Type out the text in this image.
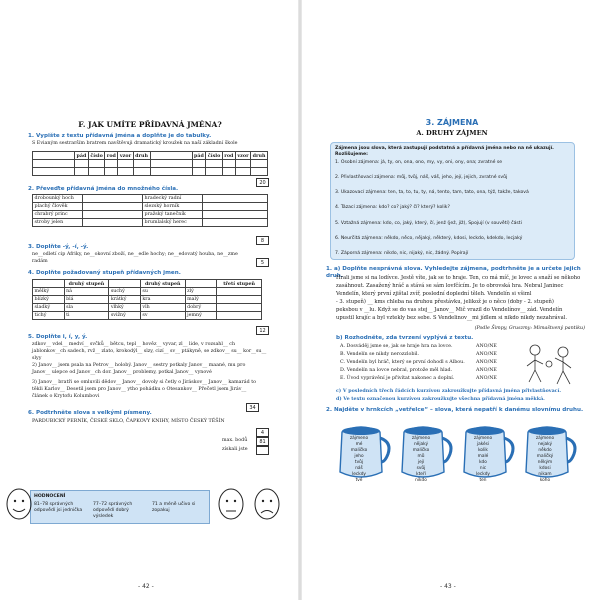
F. JAK UMÍTE PŘÍDAVNÁ JMÉNA?
1. Vypište z textu přídavná jména a doplňte je do tabulky.
S Evianým sestrarším bratrem navštěvuji dramatický kroužek na naší základní škole
	pád	číslo	rod	vzor	druh		pád	číslo	rod	vzor	druh

20
2. Převeďte přídavná jména do množného čísla.
drobounký hoch		hradecký radní	
plachý člověk		slezský horník	
chrabrý princ		pražský tanečník	
stroby jelen		brumlalský herec	
8
3. Doplňte -ý, -í, -ý.
ne__odletí cip Afriky, ne__okovní zboží, ne__edle hochy; ne__edovatý houba, ne__zme radám	5
4. Doplňte požadovaný stupeň přídavných jmen.
	druhý stupeň		druhý stupeň		třetí stupeň
mělký	ná	suchý	su	zlý	
blízký	blá	krátký	kra	malý	
sladký	sla	vlhký	vlh	dobrý	
tichý	ti	svižný	sv	jemný	
12
5. Doplňte i, í, y, ý.
zdkov__ vdel__ medví__ svčků__ bětcu, tepl__ hověz__ vyvar, zl__ lide, v rozsahl__ ch
jablonkov__ch sadech, rvž__ zlato, krokodýl__ slzy, cizí__ sv__ ptákyně, se zdkov__ su__ kor__su__ slyy
2) Janov__ jsem psala na Petrov__ holobý. Janov__ sestry potkaly Janov__ maané, mu pro
Janov__ ulepce od Janov__ch dor. Janov__ problemy, potkal Janov__ vynové
3) Janov__ bratři se omluvili dědov__ Janov__ dovoly si četly o Jiráskov__ Janov__ kamarád to
těkli Karlov__ Desetil jsem pro Janov__ ytho pohádku o Otesankov__ Přečetl jsem Jiráv__
článek o Krytofu Kolumbovi
34
6. Podtrhněte slova s velkými písmeny.
PARDUBICKÝ PERNÍK, ČESKÉ SKLO, ČAPKOVY KNIHY, MÍSTO ČESKÝ TĚŠÍN
4
max. bodů	81
získali jste
HODNOCENÍ
81–78 správných odpovědí jsi jednička
77–72 správných odpovědí dobrý výsledek
71 a méně učivo si zopakuj
- 42 -
3. ZÁJMENA
A. DRUHY ZÁJMEN
Zájmena jsou slova, která zastupují podstatná a přídavná jména nebo na ně ukazují. Rozlišujeme:
1. Osobní zájmena: já, ty, on, ona, ono, my, vy, oni, ony, ona; zvratné se
2. Přivlastňovací zájmena: můj, tvůj, náš, váš, jeho, její, jejich, zvratné svůj
3. Ukazovací zájmena: ten, ta, to, tu, ty, ná, tento, tam, tato, ona, týž, takže, taková
4. Tázací zájmena: kdo? co? jaký? čí? který? kolik?
5. Vztažná zájmena: kdo, co, jaký, který, čí, jenž (jež, jíž), Spojují (v souvětí) části
6. Neurčitá zájmena: někdo, něco, nějaký, některý, kdosi, leckdo, kdekdo, lecjaký
7. Záporná zájmena: nikdo, nic, nijaký, nic, žádný. Popírají
1. a) Doplňte nesprávná slova. Vyhledejte zájmena, podtrhněte je a určete jejich druh.
Hrali jsme si na lodívce. Jestě víte, jak se to hraje. Ten, co má míč, je lovec a snaží se někoho
zasáhnout. Zasažený hráč a stává se sám lovfčícím. Je to obrovská hra. Nebral Janinec
Vendelín, který první zjištal zvíř, poslední doplední těleh. Vendelín si všiml
- 3. stupeň) __ kms chleba na druhou přestávku, jelikož je o něco (doby - 2. stupeň)
peksbou v __lu. Když se do vas stej__ Janov__ Mič vrazil do Vendelínov__ zád. Vendelín
upustil krajíc a byl vztekly bez sebe. S Vendelinov__mi jídlem si nikdo nikdy nezahrával.
(Podle Šimpy, Gruszmy: Mimaštvený pantiku)
b) Rozhodněte, zda tvrzení vyplývá z textu.
A. Dosváděj jsme se, jak se hraje hra na lovce.	ANO/NE
B. Vendelín se nikdy nerozzlobil.	ANO/NE
C. Vendelín byl hráč, který se první dohodl s Albou.	ANO/NE
D. Vendelín na lovce nebral, protože měl hlad.	ANO/NE
E. Úvod vyprávění je přivítat nakonec a doplní.	ANO/NE
c) V posledních třech řádcích kurzívou zakroužkujte přídavná jména přivlastňovací.
d) Ve textu označenou kurzívou zakroužkujte všechna přídavná jména měkká.
2. Najděte v hrnkcích „vetřelce“ – slova, která nepatří k danému slovnímu druhu.
zájmeno
mé
maličko
jeho
tvůj
náš
leckdy
tvé
zájmeno
nějaký
maličko
mů
její
svůj
kteří
nikdo
zájmeno
jakési
kolik
malé
kdo
nic
leckdy
ten
zájmeno
nejaký
někdo
maličký
někým
kdosi
nikam
koho
- 43 -
